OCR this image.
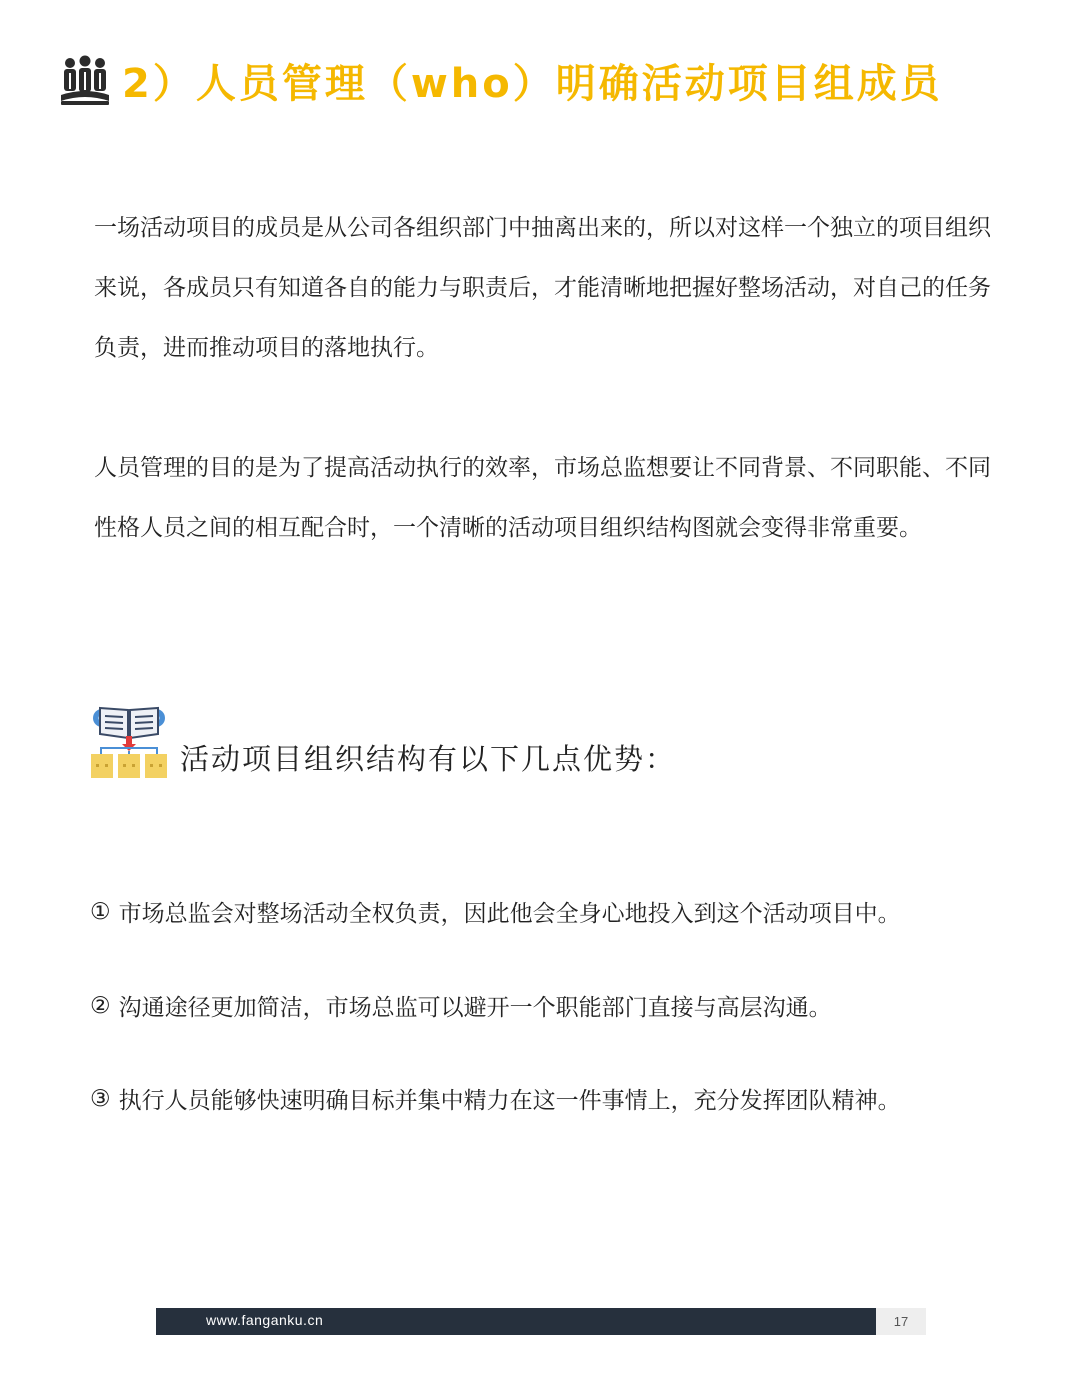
2）人员管理（who）明确活动项目组成员

一场活动项目的成员是从公司各组织部门中抽离出来的，所以对这样一个独立的项目组织来说，各成员只有知道各自的能力与职责后，才能清晰地把握好整场活动，对自己的任务负责，进而推动项目的落地执行。

人员管理的目的是为了提高活动执行的效率，市场总监想要让不同背景、不同职能、不同性格人员之间的相互配合时，一个清晰的活动项目组织结构图就会变得非常重要。

活动项目组织结构有以下几点优势：
① 市场总监会对整场活动全权负责，因此他会全身心地投入到这个活动项目中。
② 沟通途径更加简洁，市场总监可以避开一个职能部门直接与高层沟通。
③ 执行人员能够快速明确目标并集中精力在这一件事情上，充分发挥团队精神。
www.fanganku.cn	17
